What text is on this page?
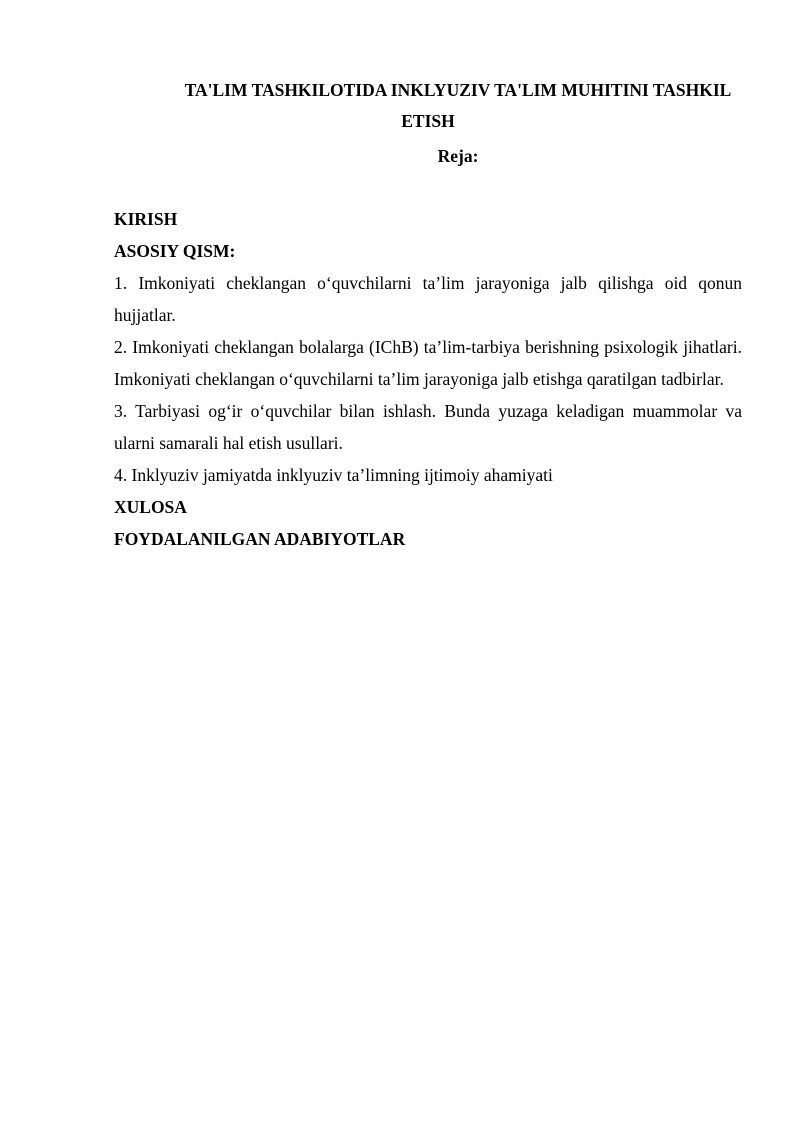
TA'LIM TASHKILOTIDA INKLYUZIV TA'LIM MUHITINI TASHKIL ETISH

Reja:

KIRISH

ASOSIY QISM:

1. Imkoniyati cheklangan o‘quvchilarni ta’lim jarayoniga jalb qilishga oid qonun hujjatlar.

2. Imkoniyati cheklangan bolalarga (IChB) ta’lim-tarbiya berishning psixologik jihatlari. Imkoniyati cheklangan o‘quvchilarni ta’lim jarayoniga jalb etishga qaratilgan tadbirlar.

3. Tarbiyasi og‘ir o‘quvchilar bilan ishlash. Bunda yuzaga keladigan muammolar va ularni samarali hal etish usullari.

4. Inklyuziv jamiyatda inklyuziv ta’limning ijtimoiy ahamiyati

XULOSA

FOYDALANILGAN ADABIYOTLAR
